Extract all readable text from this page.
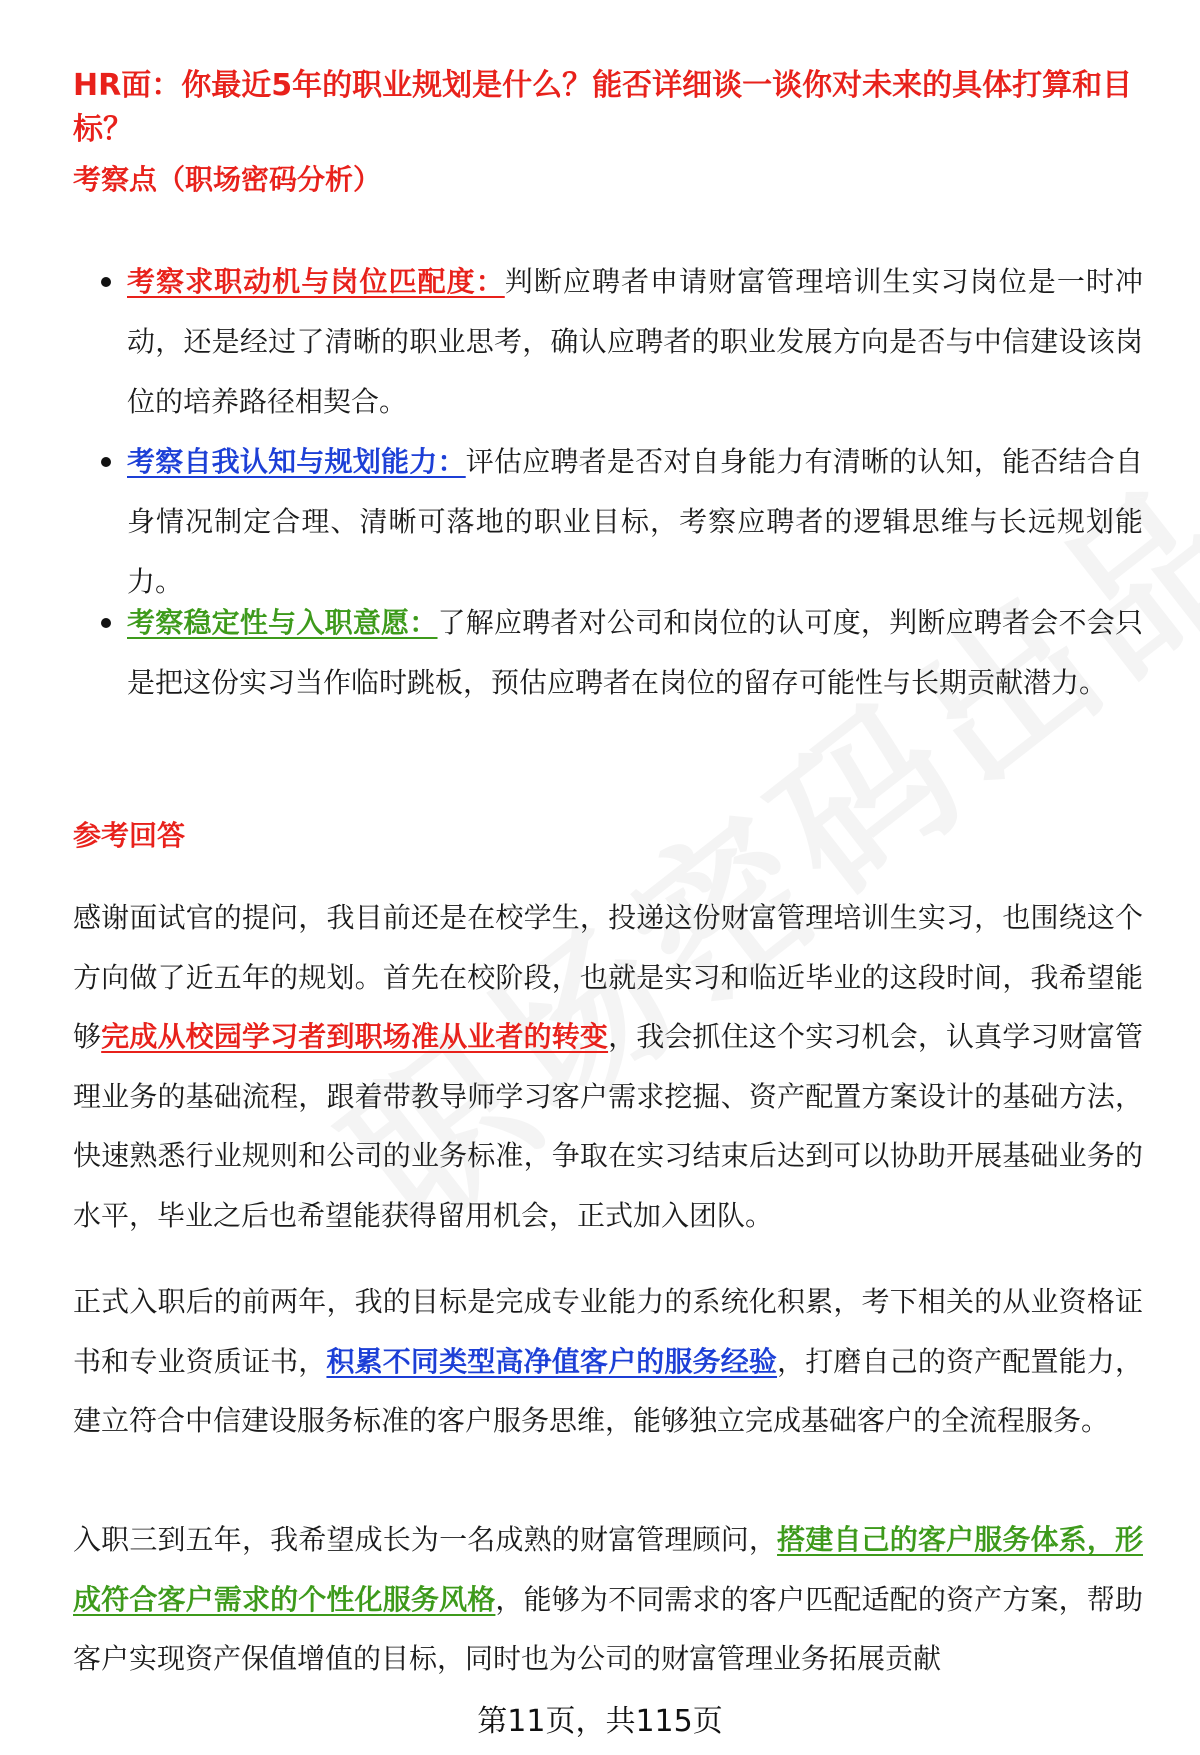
HR面：你最近5年的职业规划是什么？能否详细谈一谈你对未来的具体打算和目标？
考察点（职场密码分析）
考察求职动机与岗位匹配度：判断应聘者申请财富管理培训生实习岗位是一时冲动，还是经过了清晰的职业思考，确认应聘者的职业发展方向是否与中信建设该岗位的培养路径相契合。
考察自我认知与规划能力：评估应聘者是否对自身能力有清晰的认知，能否结合自身情况制定合理、清晰可落地的职业目标，考察应聘者的逻辑思维与长远规划能力。
考察稳定性与入职意愿：了解应聘者对公司和岗位的认可度，判断应聘者会不会只是把这份实习当作临时跳板，预估应聘者在岗位的留存可能性与长期贡献潜力。
参考回答

感谢面试官的提问，我目前还是在校学生，投递这份财富管理培训生实习，也围绕这个方向做了近五年的规划。首先在校阶段，也就是实习和临近毕业的这段时间，我希望能够完成从校园学习者到职场准从业者的转变，我会抓住这个实习机会，认真学习财富管理业务的基础流程，跟着带教导师学习客户需求挖掘、资产配置方案设计的基础方法，快速熟悉行业规则和公司的业务标准，争取在实习结束后达到可以协助开展基础业务的水平，毕业之后也希望能获得留用机会，正式加入团队。

正式入职后的前两年，我的目标是完成专业能力的系统化积累，考下相关的从业资格证书和专业资质证书，积累不同类型高净值客户的服务经验，打磨自己的资产配置能力，建立符合中信建设服务标准的客户服务思维，能够独立完成基础客户的全流程服务。

入职三到五年，我希望成长为一名成熟的财富管理顾问，搭建自己的客户服务体系，形成符合客户需求的个性化服务风格，能够为不同需求的客户匹配适配的资产方案，帮助客户实现资产保值增值的目标，同时也为公司的财富管理业务拓展贡献

第11页，共115页
